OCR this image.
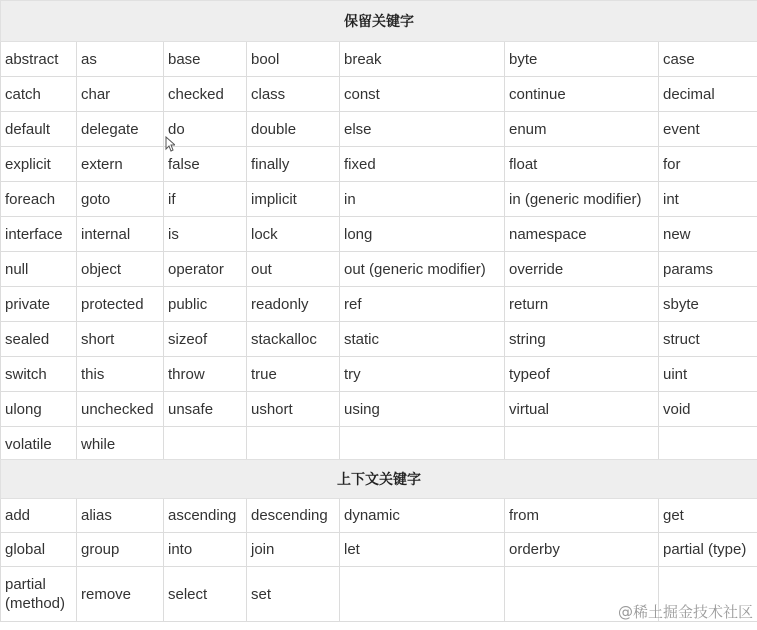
保留关键字						
abstract	as	base	bool	break	byte	case
catch	char	checked	class	const	continue	decimal
default	delegate	do	double	else	enum	event
explicit	extern	false	finally	fixed	float	for
foreach	goto	if	implicit	in	in (generic modifier)	int
interface	internal	is	lock	long	namespace	new
null	object	operator	out	out (generic modifier)	override	params
private	protected	public	readonly	ref	return	sbyte
sealed	short	sizeof	stackalloc	static	string	struct
switch	this	throw	true	try	typeof	uint
ulong	unchecked	unsafe	ushort	using	virtual	void
volatile	while					
上下文关键字						
add	alias	ascending	descending	dynamic	from	get
global	group	into	join	let	orderby	partial (type)
partial (method)	remove	select	set			
@稀土掘金技术社区
